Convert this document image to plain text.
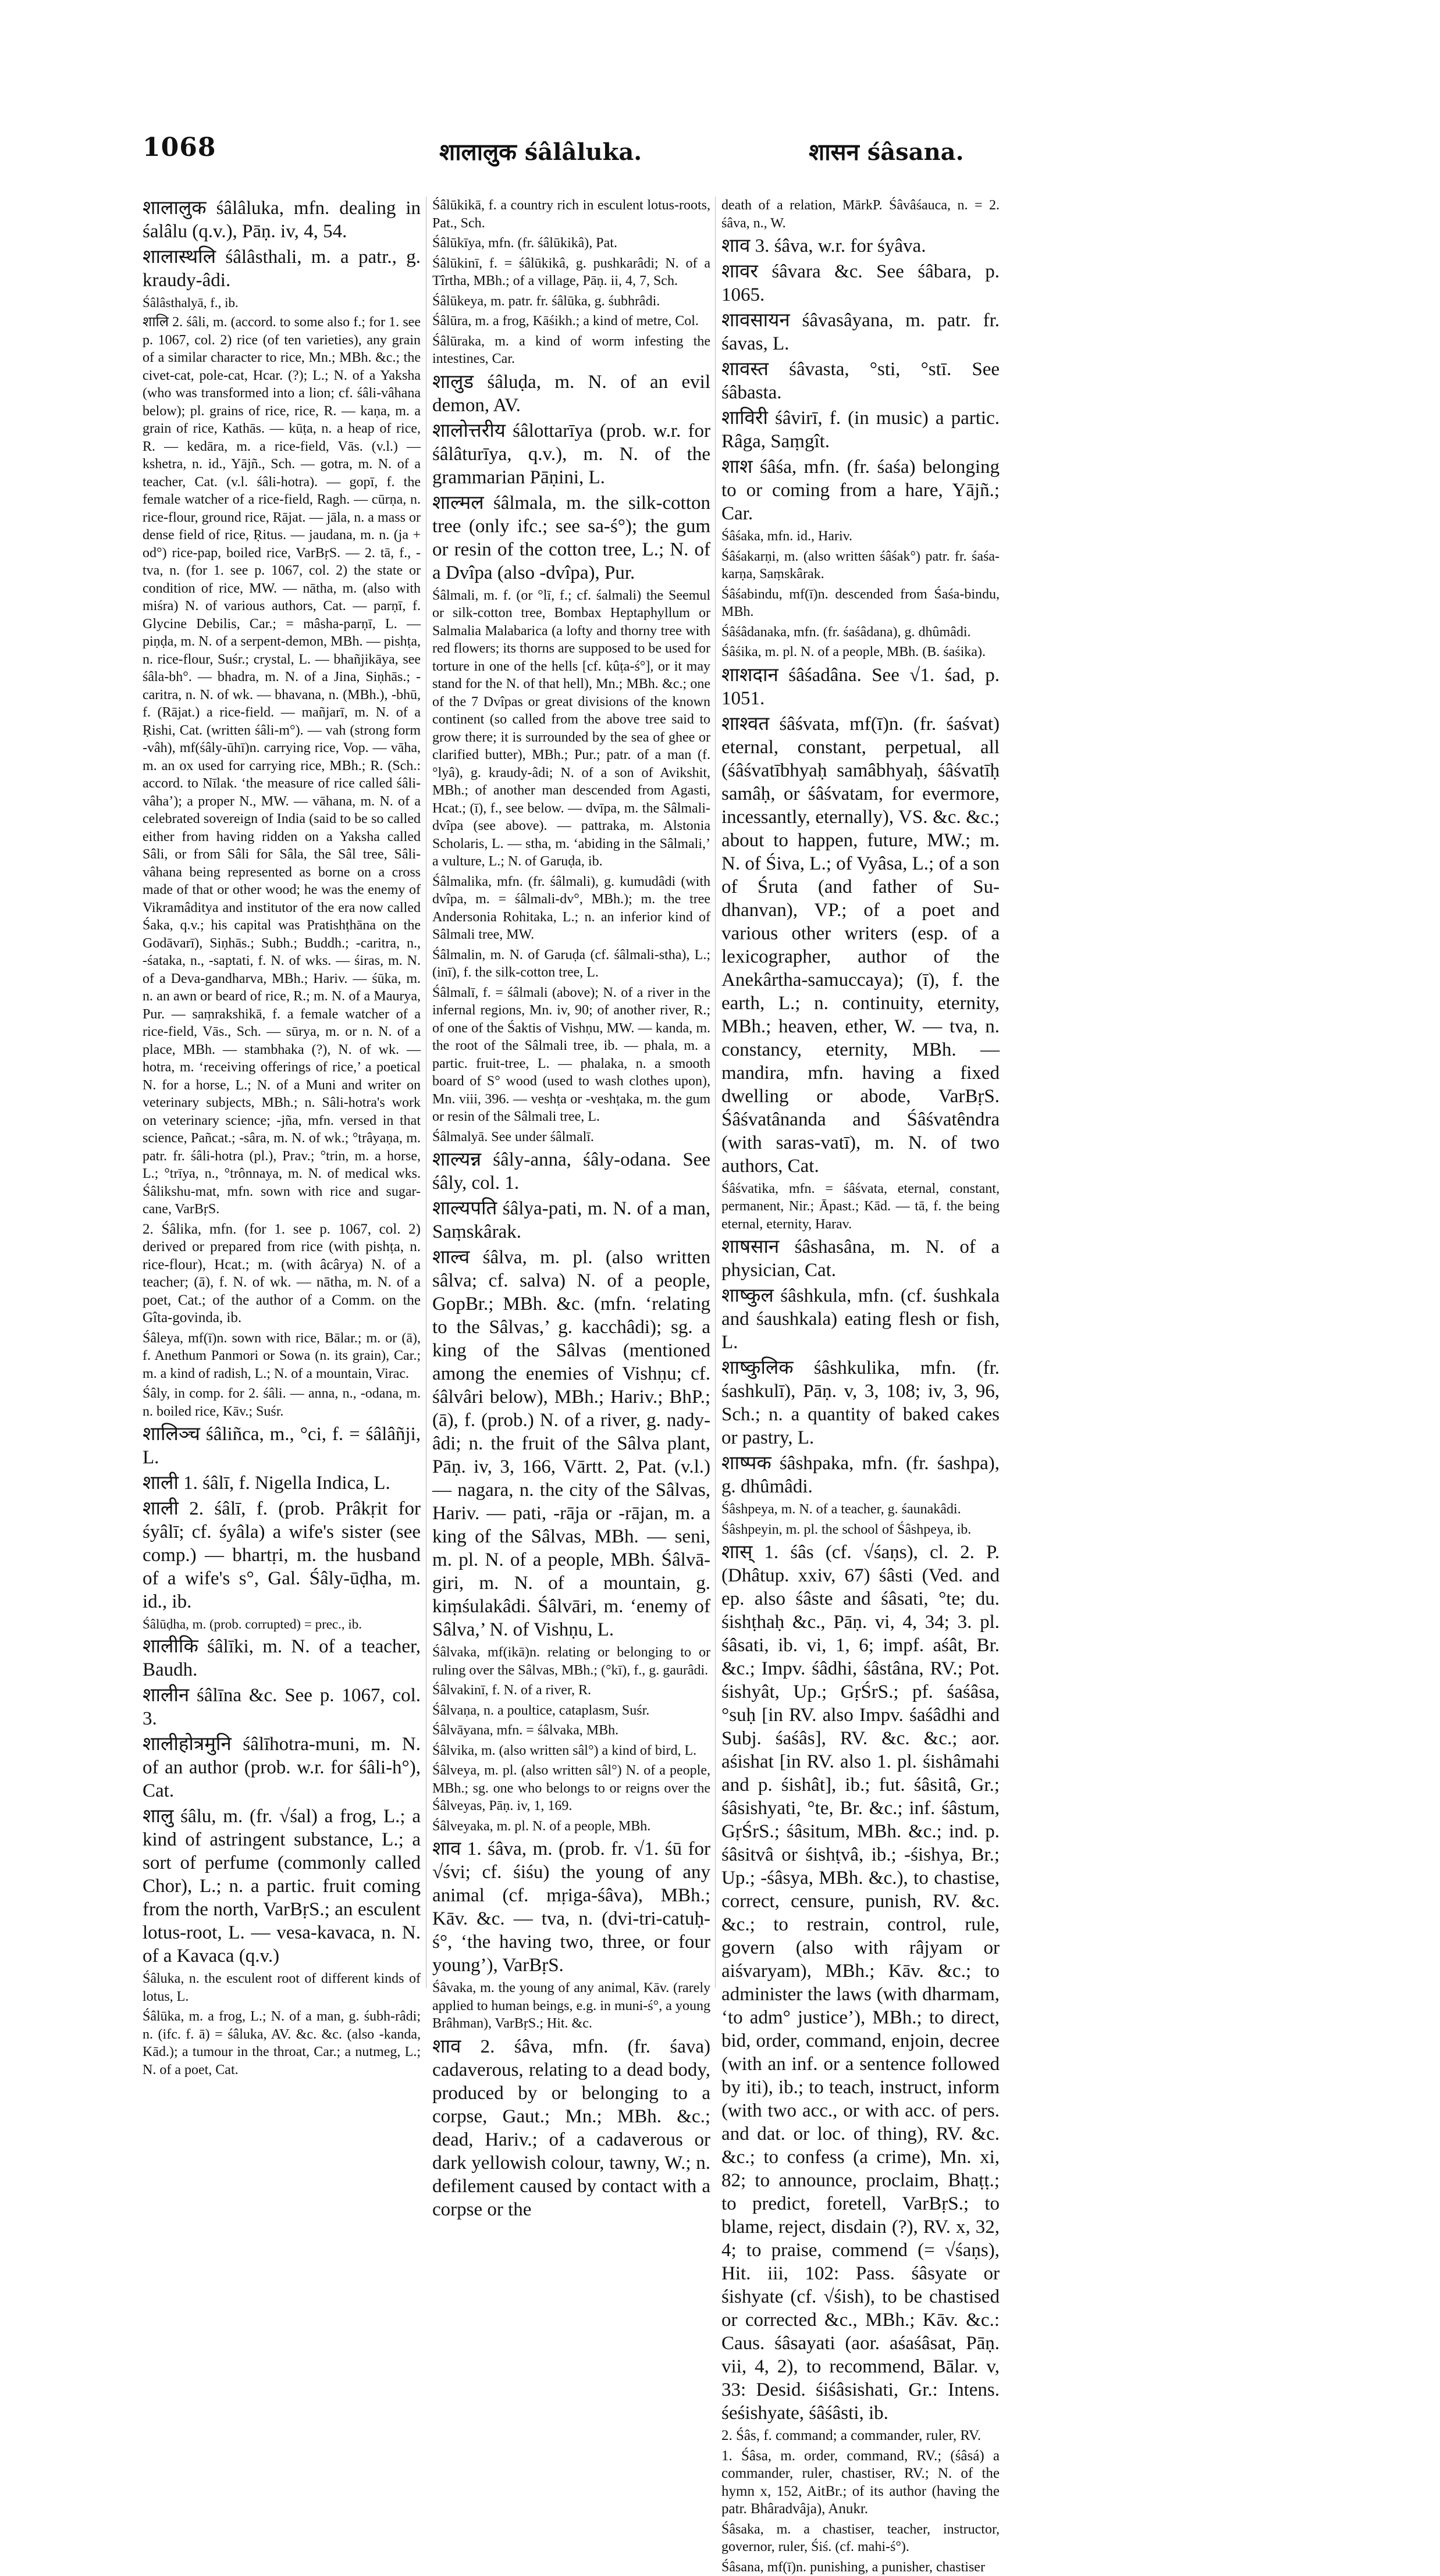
1068	शालालुक śâlâluka.	शासन śâsana.

शालालुक śâlâluka, mfn. dealing in śalâlu (q.v.), Pāṇ. iv, 4, 54.

शालास्थलि śâlâsthali, m. a patr., g. kraudy-âdi.

Śâlâsthalyā, f., ib.

शालि 2. śâli, m. (accord. to some also f.; for 1. see p. 1067, col. 2) rice (of ten varieties), any grain of a similar character to rice, Mn.; MBh. &c.; the civet-cat, pole-cat, Hcar. (?); L.; N. of a Yaksha (who was transformed into a lion; cf. śâli-vâhana below); pl. grains of rice, rice, R. — kaṇa, m. a grain of rice, Kathās. — kūṭa, n. a heap of rice, R. — kedāra, m. a rice-field, Vās. (v.l.) — kshetra, n. id., Yājñ., Sch. — gotra, m. N. of a teacher, Cat. (v.l. śâli-hotra). — gopī, f. the female watcher of a rice-field, Ragh. — cūrṇa, n. rice-flour, ground rice, Rājat. — jāla, n. a mass or dense field of rice, Ṛitus. — jaudana, m. n. (ja + od°) rice-pap, boiled rice, VarBṛS. — 2. tā, f., -tva, n. (for 1. see p. 1067, col. 2) the state or condition of rice, MW. — nātha, m. (also with miśra) N. of various authors, Cat. — parṇī, f. Glycine Debilis, Car.; = mâsha-parṇī, L. — piṇḍa, m. N. of a serpent-demon, MBh. — pishṭa, n. rice-flour, Suśr.; crystal, L. — bhañjikāya, see śâla-bh°. — bhadra, m. N. of a Jina, Siṇhās.; -caritra, n. N. of wk. — bhavana, n. (MBh.), -bhū, f. (Rājat.) a rice-field. — mañjarī, m. N. of a Ṛishi, Cat. (written śâli-m°). — vah (strong form -vâh), mf(śâly-ūhī)n. carrying rice, Vop. — vāha, m. an ox used for carrying rice, MBh.; R. (Sch.: accord. to Nīlak. ‘the measure of rice called śâli-vâha’); a proper N., MW. — vāhana, m. N. of a celebrated sovereign of India (said to be so called either from having ridden on a Yaksha called Sâli, or from Sâli for Sâla, the Sâl tree, Sâli-vâhana being represented as borne on a cross made of that or other wood; he was the enemy of Vikramâditya and institutor of the era now called Śaka, q.v.; his capital was Pratishṭhāna on the Godāvarī), Siṇhās.; Subh.; Buddh.; -caritra, n., -śataka, n., -saptati, f. N. of wks. — śiras, m. N. of a Deva-gandharva, MBh.; Hariv. — śūka, m. n. an awn or beard of rice, R.; m. N. of a Maurya, Pur. — saṃrakshikā, f. a female watcher of a rice-field, Vās., Sch. — sūrya, m. or n. N. of a place, MBh. — stambhaka (?), N. of wk. — hotra, m. ‘receiving offerings of rice,’ a poetical N. for a horse, L.; N. of a Muni and writer on veterinary subjects, MBh.; n. Sâli-hotra's work on veterinary science; -jña, mfn. versed in that science, Pañcat.; -sâra, m. N. of wk.; °trâyaṇa, m. patr. fr. śâli-hotra (pl.), Prav.; °trin, m. a horse, L.; °trīya, n., °trônnaya, m. N. of medical wks. Śâlikshu-mat, mfn. sown with rice and sugar-cane, VarBṛS.

2. Śâlika, mfn. (for 1. see p. 1067, col. 2) derived or prepared from rice (with pishṭa, n. rice-flour), Hcat.; m. (with âcârya) N. of a teacher; (ā), f. N. of wk. — nātha, m. N. of a poet, Cat.; of the author of a Comm. on the Gîta-govinda, ib.

Śâleya, mf(ī)n. sown with rice, Bālar.; m. or (ā), f. Anethum Panmori or Sowa (n. its grain), Car.; m. a kind of radish, L.; N. of a mountain, Virac.

Śâly, in comp. for 2. śâli. — anna, n., -odana, m. n. boiled rice, Kāv.; Suśr.

शालिञ्च śâliñca, m., °ci, f. = śâlâñji, L.

शाली 1. śâlī, f. Nigella Indica, L.

शाली 2. śâlī, f. (prob. Prâkṛit for śyâlī; cf. śyâla) a wife's sister (see comp.) — bhartṛi, m. the husband of a wife's s°, Gal. Śâly-ūḍha, m. id., ib.

Śâlūḍha, m. (prob. corrupted) = prec., ib.

शालीकि śâlīki, m. N. of a teacher, Baudh.

शालीन śâlīna &c. See p. 1067, col. 3.

शालीहोत्रमुनि śâlīhotra-muni, m. N. of an author (prob. w.r. for śâli-h°), Cat.

शालु śâlu, m. (fr. √śal) a frog, L.; a kind of astringent substance, L.; a sort of perfume (commonly called Chor), L.; n. a partic. fruit coming from the north, VarBṛS.; an esculent lotus-root, L. — vesa-kavaca, n. N. of a Kavaca (q.v.)

Śâluka, n. the esculent root of different kinds of lotus, L.

Śâlūka, m. a frog, L.; N. of a man, g. śubh-râdi; n. (ifc. f. ā) = śâluka, AV. &c. &c. (also -kanda, Kād.); a tumour in the throat, Car.; a nutmeg, L.; N. of a poet, Cat.

Śâlūkikā, f. a country rich in esculent lotus-roots, Pat., Sch.

Śâlūkīya, mfn. (fr. śâlūkikâ), Pat.

Śâlūkinī, f. = śâlūkikâ, g. pushkarâdi; N. of a Tîrtha, MBh.; of a village, Pāṇ. ii, 4, 7, Sch.

Śâlūkeya, m. patr. fr. śâlūka, g. śubhrâdi.

Śâlūra, m. a frog, Kāśikh.; a kind of metre, Col.

Śâlūraka, m. a kind of worm infesting the intestines, Car.

शालुड śâluḍa, m. N. of an evil demon, AV.

शालोत्तरीय śâlottarīya (prob. w.r. for śâlâturīya, q.v.), m. N. of the grammarian Pāṇini, L.

शाल्मल śâlmala, m. the silk-cotton tree (only ifc.; see sa-ś°); the gum or resin of the cotton tree, L.; N. of a Dvîpa (also -dvîpa), Pur.

Śâlmali, m. f. (or °lī, f.; cf. śalmali) the Seemul or silk-cotton tree, Bombax Heptaphyllum or Salmalia Malabarica (a lofty and thorny tree with red flowers; its thorns are supposed to be used for torture in one of the hells [cf. kûṭa-ś°], or it may stand for the N. of that hell), Mn.; MBh. &c.; one of the 7 Dvîpas or great divisions of the known continent (so called from the above tree said to grow there; it is surrounded by the sea of ghee or clarified butter), MBh.; Pur.; patr. of a man (f. °lyâ), g. kraudy-âdi; N. of a son of Avikshit, MBh.; of another man descended from Agasti, Hcat.; (ī), f., see below. — dvīpa, m. the Sâlmali-dvîpa (see above). — pattraka, m. Alstonia Scholaris, L. — stha, m. ‘abiding in the Sâlmali,’ a vulture, L.; N. of Garuḍa, ib.

Śâlmalika, mfn. (fr. śâlmali), g. kumudâdi (with dvîpa, m. = śâlmali-dv°, MBh.); m. the tree Andersonia Rohitaka, L.; n. an inferior kind of Sâlmali tree, MW.

Śâlmalin, m. N. of Garuḍa (cf. śâlmali-stha), L.; (inī), f. the silk-cotton tree, L.

Śâlmalī, f. = śâlmali (above); N. of a river in the infernal regions, Mn. iv, 90; of another river, R.; of one of the Śaktis of Vishṇu, MW. — kanda, m. the root of the Sâlmali tree, ib. — phala, m. a partic. fruit-tree, L. — phalaka, n. a smooth board of S° wood (used to wash clothes upon), Mn. viii, 396. — veshṭa or -veshṭaka, m. the gum or resin of the Sâlmali tree, L.

Śâlmalyā. See under śâlmalī.

शाल्यन्न śâly-anna, śâly-odana. See śâly, col. 1.

शाल्यपति śâlya-pati, m. N. of a man, Saṃskârak.

शाल्व śâlva, m. pl. (also written sâlva; cf. salva) N. of a people, GopBr.; MBh. &c. (mfn. ‘relating to the Sâlvas,’ g. kacchâdi); sg. a king of the Sâlvas (mentioned among the enemies of Vishṇu; cf. śâlvâri below), MBh.; Hariv.; BhP.; (ā), f. (prob.) N. of a river, g. nady-âdi; n. the fruit of the Sâlva plant, Pāṇ. iv, 3, 166, Vārtt. 2, Pat. (v.l.) — nagara, n. the city of the Sâlvas, Hariv. — pati, -rāja or -rājan, m. a king of the Sâlvas, MBh. — seni, m. pl. N. of a people, MBh. Śâlvā-giri, m. N. of a mountain, g. kiṃśulakâdi. Śâlvāri, m. ‘enemy of Sâlva,’ N. of Vishṇu, L.

Śâlvaka, mf(ikā)n. relating or belonging to or ruling over the Sâlvas, MBh.; (°kī), f., g. gaurâdi.

Śâlvakinī, f. N. of a river, R.

Śâlvaṇa, n. a poultice, cataplasm, Suśr.

Śâlvāyana, mfn. = śâlvaka, MBh.

Śâlvika, m. (also written sâl°) a kind of bird, L.

Śâlveya, m. pl. (also written sâl°) N. of a people, MBh.; sg. one who belongs to or reigns over the Śâlveyas, Pāṇ. iv, 1, 169.

Śâlveyaka, m. pl. N. of a people, MBh.

शाव 1. śâva, m. (prob. fr. √1. śū for √śvi; cf. śiśu) the young of any animal (cf. mṛiga-śâva), MBh.; Kāv. &c. — tva, n. (dvi-tri-catuḥ-ś°, ‘the having two, three, or four young’), VarBṛS.

Śâvaka, m. the young of any animal, Kāv. (rarely applied to human beings, e.g. in muni-ś°, a young Brâhman), VarBṛS.; Hit. &c.

शाव 2. śâva, mfn. (fr. śava) cadaverous, relating to a dead body, produced by or belonging to a corpse, Gaut.; Mn.; MBh. &c.; dead, Hariv.; of a cadaverous or dark yellowish colour, tawny, W.; n. defilement caused by contact with a corpse or the

death of a relation, MārkP. Śâvâśauca, n. = 2. śâva, n., W.

शाव 3. śâva, w.r. for śyâva.

शावर śâvara &c. See śâbara, p. 1065.

शावसायन śâvasâyana, m. patr. fr. śavas, L.

शावस्त śâvasta, °sti, °stī. See śâbasta.

शाविरी śâvirī, f. (in music) a partic. Râga, Saṃgît.

शाश śâśa, mfn. (fr. śaśa) belonging to or coming from a hare, Yājñ.; Car.

Śâśaka, mfn. id., Hariv.

Śâśakarṇi, m. (also written śâśak°) patr. fr. śaśa-karṇa, Saṃskârak.

Śâśabindu, mf(ī)n. descended from Śaśa-bindu, MBh.

Śâśâdanaka, mfn. (fr. śaśâdana), g. dhûmâdi.

Śâśika, m. pl. N. of a people, MBh. (B. śaśika).

शाशदान śâśadâna. See √1. śad, p. 1051.

शाश्वत śâśvata, mf(ī)n. (fr. śaśvat) eternal, constant, perpetual, all (śâśvatībhyaḥ samâbhyaḥ, śâśvatīḥ samâḥ, or śâśvatam, for evermore, incessantly, eternally), VS. &c. &c.; about to happen, future, MW.; m. N. of Śiva, L.; of Vyâsa, L.; of a son of Śruta (and father of Su-dhanvan), VP.; of a poet and various other writers (esp. of a lexicographer, author of the Anekârtha-samuccaya); (ī), f. the earth, L.; n. continuity, eternity, MBh.; heaven, ether, W. — tva, n. constancy, eternity, MBh. — mandira, mfn. having a fixed dwelling or abode, VarBṛS. Śâśvatânanda and Śâśvatêndra (with saras-vatī), m. N. of two authors, Cat.

Śâśvatika, mfn. = śâśvata, eternal, constant, permanent, Nir.; Āpast.; Kād. — tā, f. the being eternal, eternity, Harav.

शाषसान śâshasâna, m. N. of a physician, Cat.

शाष्कुल śâshkula, mfn. (cf. śushkala and śaushkala) eating flesh or fish, L.

शाष्कुलिक śâshkulika, mfn. (fr. śashkulī), Pāṇ. v, 3, 108; iv, 3, 96, Sch.; n. a quantity of baked cakes or pastry, L.

शाष्पक śâshpaka, mfn. (fr. śashpa), g. dhûmâdi.

Śâshpeya, m. N. of a teacher, g. śaunakâdi.

Śâshpeyin, m. pl. the school of Śâshpeya, ib.

शास् 1. śâs (cf. √śaṇs), cl. 2. P. (Dhâtup. xxiv, 67) śâsti (Ved. and ep. also śâste and śâsati, °te; du. śishṭhaḥ &c., Pāṇ. vi, 4, 34; 3. pl. śâsati, ib. vi, 1, 6; impf. aśât, Br. &c.; Impv. śâdhi, śâstâna, RV.; Pot. śishyât, Up.; GṛŚrS.; pf. śaśâsa, °suḥ [in RV. also Impv. śaśâdhi and Subj. śaśâs], RV. &c. &c.; aor. aśishat [in RV. also 1. pl. śishâmahi and p. śishât], ib.; fut. śâsitâ, Gr.; śâsishyati, °te, Br. &c.; inf. śâstum, GṛŚrS.; śâsitum, MBh. &c.; ind. p. śâsitvâ or śishṭvâ, ib.; -śishya, Br.; Up.; -śâsya, MBh. &c.), to chastise, correct, censure, punish, RV. &c. &c.; to restrain, control, rule, govern (also with râjyam or aiśvaryam), MBh.; Kāv. &c.; to administer the laws (with dharmam, ‘to adm° justice’), MBh.; to direct, bid, order, command, enjoin, decree (with an inf. or a sentence followed by iti), ib.; to teach, instruct, inform (with two acc., or with acc. of pers. and dat. or loc. of thing), RV. &c. &c.; to confess (a crime), Mn. xi, 82; to announce, proclaim, Bhaṭṭ.; to predict, foretell, VarBṛS.; to blame, reject, disdain (?), RV. x, 32, 4; to praise, commend (= √śaṇs), Hit. iii, 102: Pass. śâsyate or śishyate (cf. √śish), to be chastised or corrected &c., MBh.; Kāv. &c.: Caus. śâsayati (aor. aśaśâsat, Pāṇ. vii, 4, 2), to recommend, Bālar. v, 33: Desid. śiśâsishati, Gr.: Intens. śeśishyate, śâśâsti, ib.

2. Śâs, f. command; a commander, ruler, RV.

1. Śâsa, m. order, command, RV.; (śâsá) a commander, ruler, chastiser, RV.; N. of the hymn x, 152, AitBr.; of its author (having the patr. Bhâradvâja), Anukr.

Śâsaka, m. a chastiser, teacher, instructor, governor, ruler, Śiś. (cf. mahi-ś°).

Śâsana, mf(ī)n. punishing, a punisher, chastiser
